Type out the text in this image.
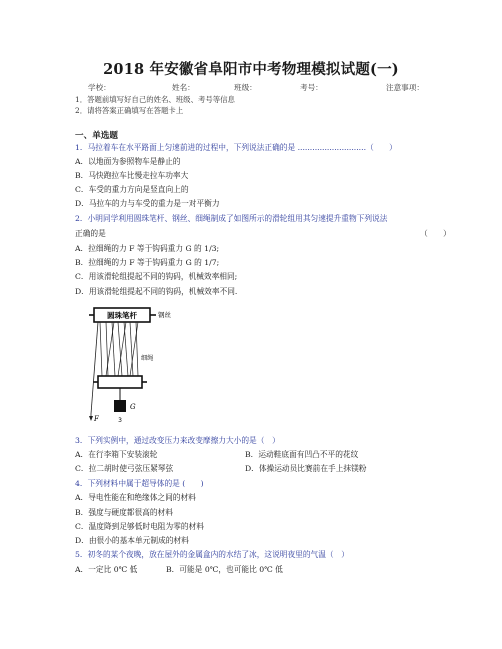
2018 年安徽省阜阳市中考物理模拟试题(一)
学校：	姓名：	班级：	考号：	注意事项：
1．答题前填写好自己的姓名、班级、考号等信息
2．请将答案正确填写在答题卡上
一、单选题
1．马拉着车在水平路面上匀速前进的过程中，下列说法正确的是 ............................（　　）
A．以地面为参照物车是静止的
B．马快跑拉车比慢走拉车功率大
C．车受的重力方向是竖直向上的
D．马拉车的力与车受的重力是一对平衡力
2．小明同学利用圆珠笔杆、钢丝、细绳制成了如图所示的滑轮组用其匀速提升重物下列说法
正确的是	（　　）
A．拉细绳的力 F 等于钩码重力 G 的 1/3;
B．拉细绳的力 F 等于钩码重力 G 的 1/7;
C．用该滑轮组提起不同的钩码，机械效率相同;
D．用该滑轮组提起不同的钩码，机械效率不同.
圆珠笔杆	钢丝
细绳
3
G
F
3．下列实例中，通过改变压力来改变摩擦力大小的是（　）
A．在行李箱下安装滚轮	B．运动鞋底面有凹凸不平的花纹
C．拉二胡时使弓弦压紧琴弦	D．体操运动员比赛前在手上抹镁粉
4．下列材料中属于超导体的是 (　　)
A．导电性能在和绝缘体之间的材料
B．强度与硬度都很高的材料
C．温度降到足够低时电阻为零的材料
D．由很小的基本单元制成的材料
5．初冬的某个夜晚，放在屋外的金属盒内的水结了冰，这说明夜里的气温（　）
A．一定比 0℃ 低	B．可能是 0℃，也可能比 0℃ 低
